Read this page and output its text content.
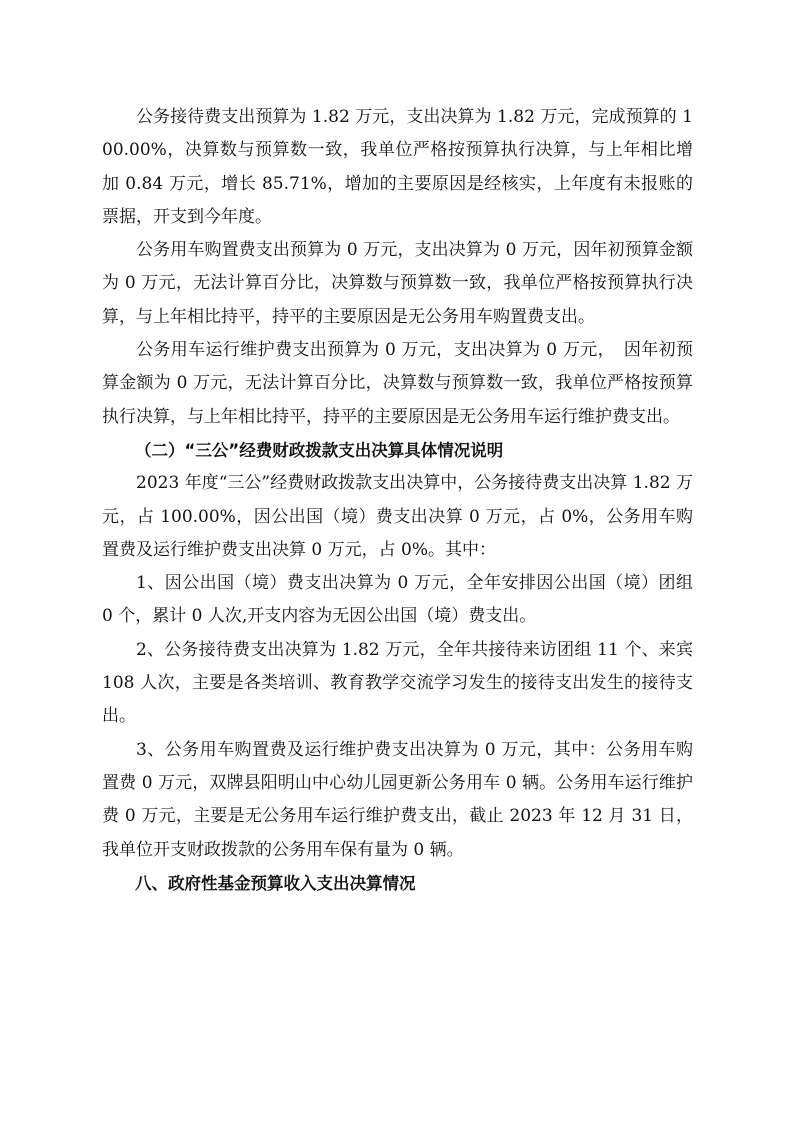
公务接待费支出预算为 1.82 万元，支出决算为 1.82 万元，完成预算的 100.00%，决算数与预算数一致，我单位严格按预算执行决算，与上年相比增加 0.84 万元，增长 85.71%，增加的主要原因是经核实，上年度有未报账的票据，开支到今年度。

公务用车购置费支出预算为 0 万元，支出决算为 0 万元，因年初预算金额为 0 万元，无法计算百分比，决算数与预算数一致，我单位严格按预算执行决算，与上年相比持平，持平的主要原因是无公务用车购置费支出。

公务用车运行维护费支出预算为 0 万元，支出决算为 0 万元，　因年初预算金额为 0 万元，无法计算百分比，决算数与预算数一致，我单位严格按预算执行决算，与上年相比持平，持平的主要原因是无公务用车运行维护费支出。

（二）“三公”经费财政拨款支出决算具体情况说明

2023 年度“三公”经费财政拨款支出决算中，公务接待费支出决算 1.82 万元，占 100.00%，因公出国（境）费支出决算 0 万元，占 0%，公务用车购置费及运行维护费支出决算 0 万元，占 0%。其中：

1、因公出国（境）费支出决算为 0 万元，全年安排因公出国（境）团组 0 个，累计 0 人次,开支内容为无因公出国（境）费支出。

2、公务接待费支出决算为 1.82 万元，全年共接待来访团组 11 个、来宾 108 人次，主要是各类培训、教育教学交流学习发生的接待支出发生的接待支出。

3、公务用车购置费及运行维护费支出决算为 0 万元，其中：公务用车购置费 0 万元，双牌县阳明山中心幼儿园更新公务用车 0 辆。公务用车运行维护费 0 万元，主要是无公务用车运行维护费支出，截止 2023 年 12 月 31 日，我单位开支财政拨款的公务用车保有量为 0 辆。

八、政府性基金预算收入支出决算情况
